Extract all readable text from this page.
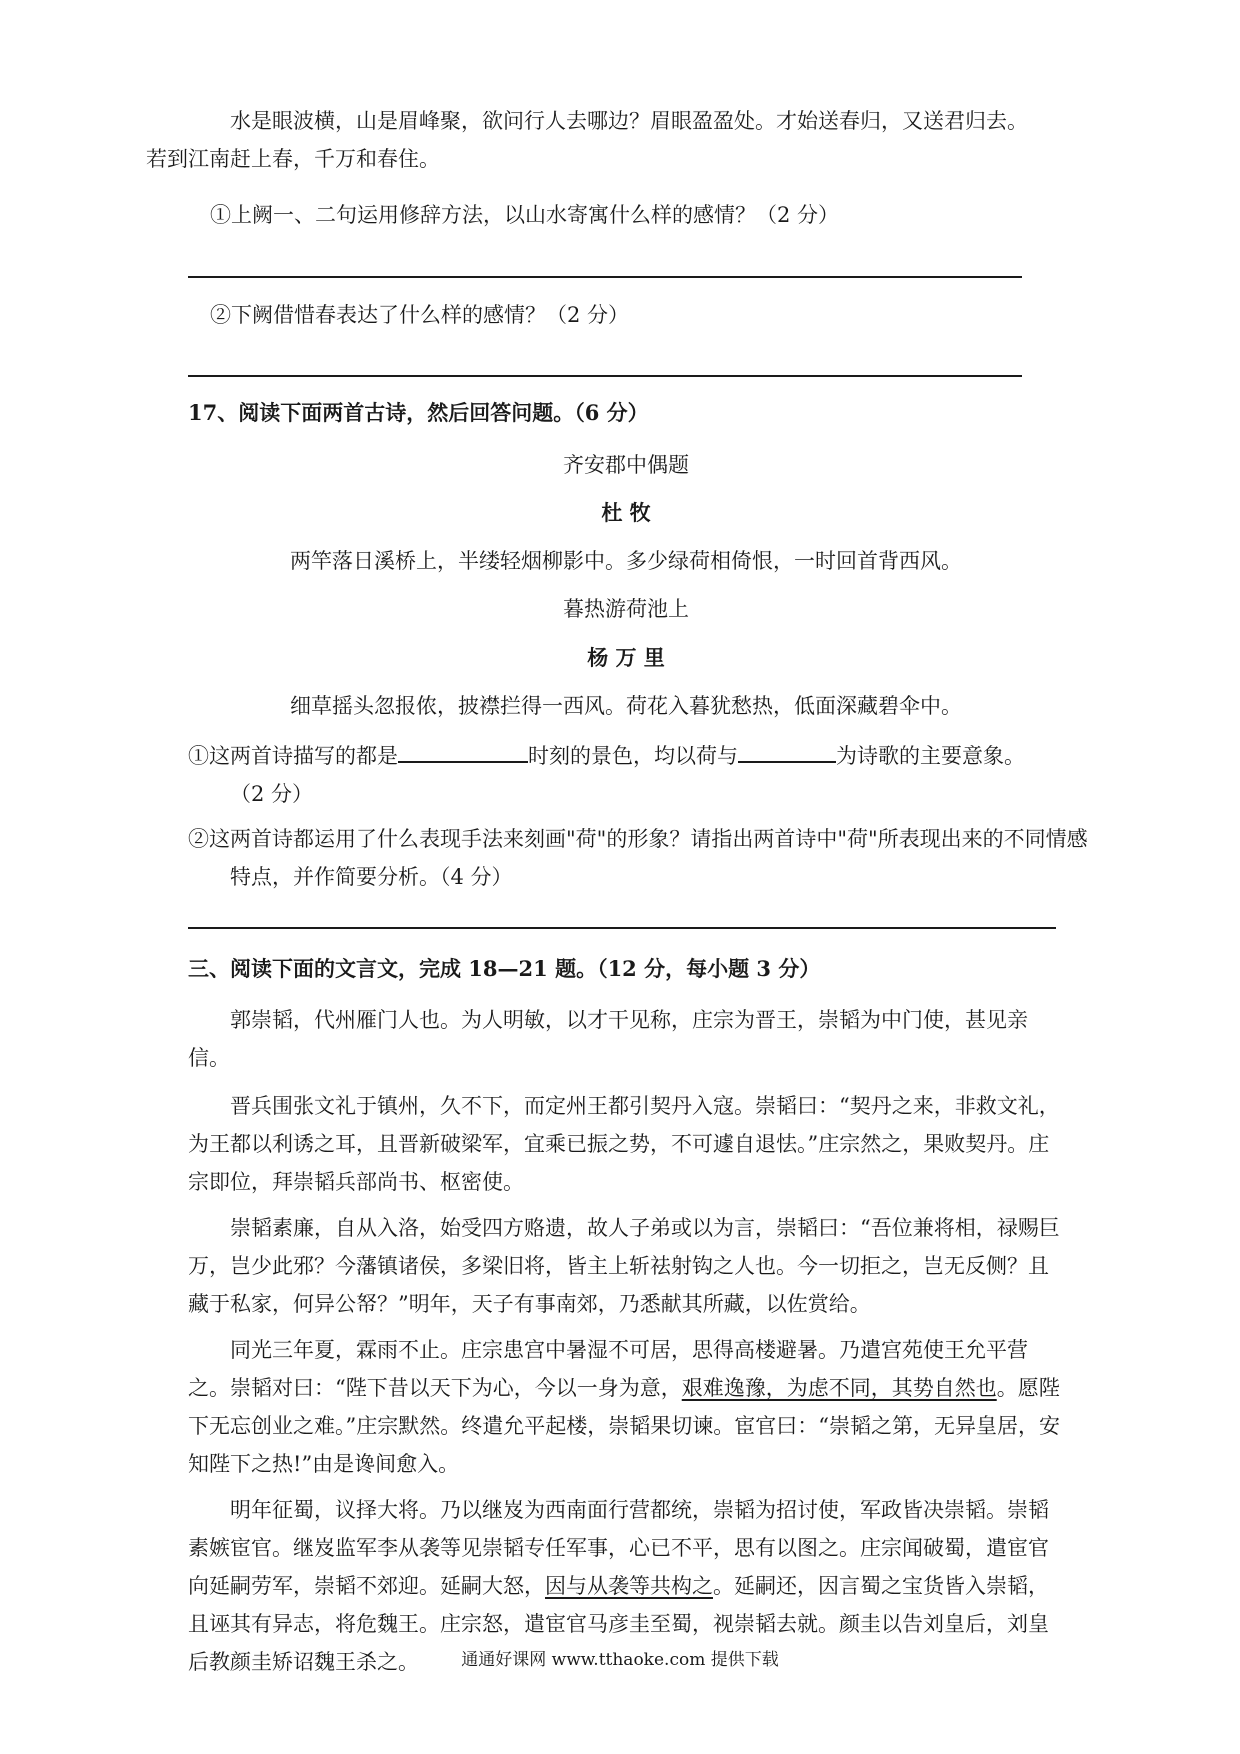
水是眼波横，山是眉峰聚，欲问行人去哪边？眉眼盈盈处。才始送春归，又送君归去。
若到江南赶上春，千万和春住。

①上阙一、二句运用修辞方法，以山水寄寓什么样的感情？（2 分）

②下阙借惜春表达了什么样的感情？（2 分）

17、阅读下面两首古诗，然后回答问题。（6 分）

齐安郡中偶题

杜 牧

两竿落日溪桥上，半缕轻烟柳影中。多少绿荷相倚恨，一时回首背西风。

暮热游荷池上

杨 万 里

细草摇头忽报侬，披襟拦得一西风。荷花入暮犹愁热，低面深藏碧伞中。

①这两首诗描写的都是	时刻的景色，均以荷与	为诗歌的主要意象。
（2 分）

②这两首诗都运用了什么表现手法来刻画"荷"的形象？请指出两首诗中"荷"所表现出来的不同情感特点，并作简要分析。（4 分）

三、阅读下面的文言文，完成 18—21 题。（12 分，每小题 3 分）

郭崇韬，代州雁门人也。为人明敏，以才干见称，庄宗为晋王，崇韬为中门使，甚见亲信。

晋兵围张文礼于镇州，久不下，而定州王都引契丹入寇。崇韬曰：“契丹之来，非救文礼，为王都以利诱之耳，且晋新破梁军，宜乘已振之势，不可遽自退怯。”庄宗然之，果败契丹。庄宗即位，拜崇韬兵部尚书、枢密使。

崇韬素廉，自从入洛，始受四方赂遗，故人子弟或以为言，崇韬曰：“吾位兼将相，禄赐巨万，岂少此邪？今藩镇诸侯，多梁旧将，皆主上斩祛射钩之人也。今一切拒之，岂无反侧？且藏于私家，何异公帑？”明年，天子有事南郊，乃悉献其所藏，以佐赏给。

同光三年夏，霖雨不止。庄宗患宫中暑湿不可居，思得高楼避暑。乃遣宫苑使王允平营之。崇韬对曰：“陛下昔以天下为心，今以一身为意，艰难逸豫，为虑不同，其势自然也。愿陛下无忘创业之难。”庄宗默然。终遣允平起楼，崇韬果切谏。宦官曰：“崇韬之第，无异皇居，安知陛下之热!”由是谗间愈入。

明年征蜀，议择大将。乃以继岌为西南面行营都统，崇韬为招讨使，军政皆决崇韬。崇韬素嫉宦官。继岌监军李从袭等见崇韬专任军事，心已不平，思有以图之。庄宗闻破蜀，遣宦官向延嗣劳军，崇韬不郊迎。延嗣大怒，因与从袭等共构之。延嗣还，因言蜀之宝货皆入崇韬，且诬其有异志，将危魏王。庄宗怒，遣宦官马彦圭至蜀，视崇韬去就。颜圭以告刘皇后，刘皇后教颜圭矫诏魏王杀之。	通通好课网 www.tthaoke.com 提供下载
